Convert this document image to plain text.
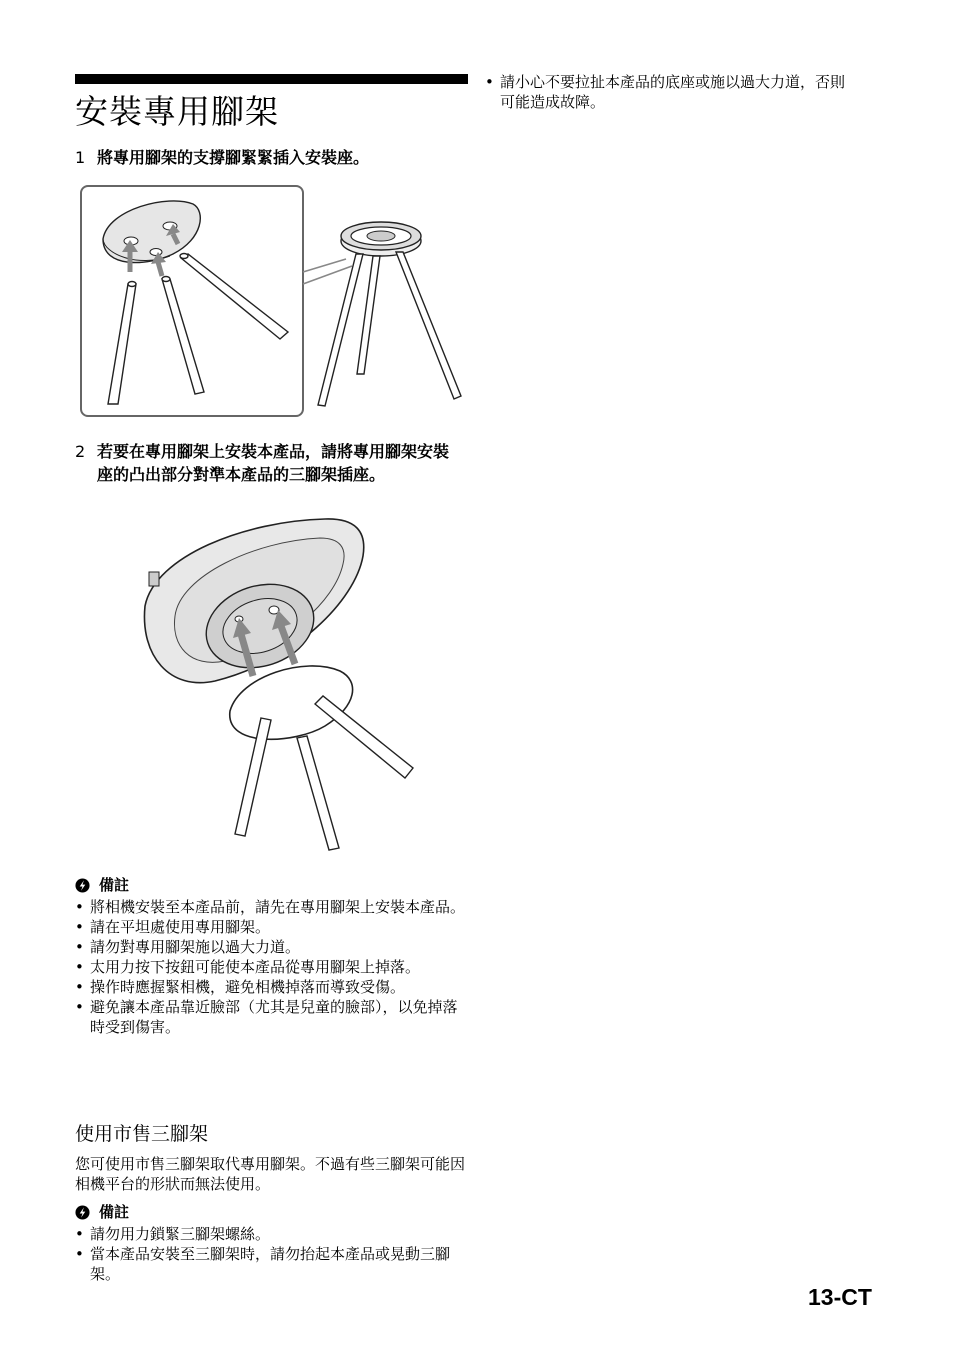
安裝專用腳架
1 將專用腳架的支撐腳緊緊插入安裝座。
2 若要在專用腳架上安裝本產品，請將專用腳架安裝座的凸出部分對準本產品的三腳架插座。
備註
• 將相機安裝至本產品前，請先在專用腳架上安裝本產品。
• 請在平坦處使用專用腳架。
• 請勿對專用腳架施以過大力道。
• 太用力按下按鈕可能使本產品從專用腳架上掉落。
• 操作時應握緊相機，避免相機掉落而導致受傷。
• 避免讓本產品靠近臉部（尤其是兒童的臉部），以免掉落時受到傷害。
使用市售三腳架

您可使用市售三腳架取代專用腳架。不過有些三腳架可能因相機平台的形狀而無法使用。

備註
• 請勿用力鎖緊三腳架螺絲。
• 當本產品安裝至三腳架時，請勿抬起本產品或晃動三腳架。
• 請小心不要拉扯本產品的底座或施以過大力道，否則可能造成故障。
13-CT
